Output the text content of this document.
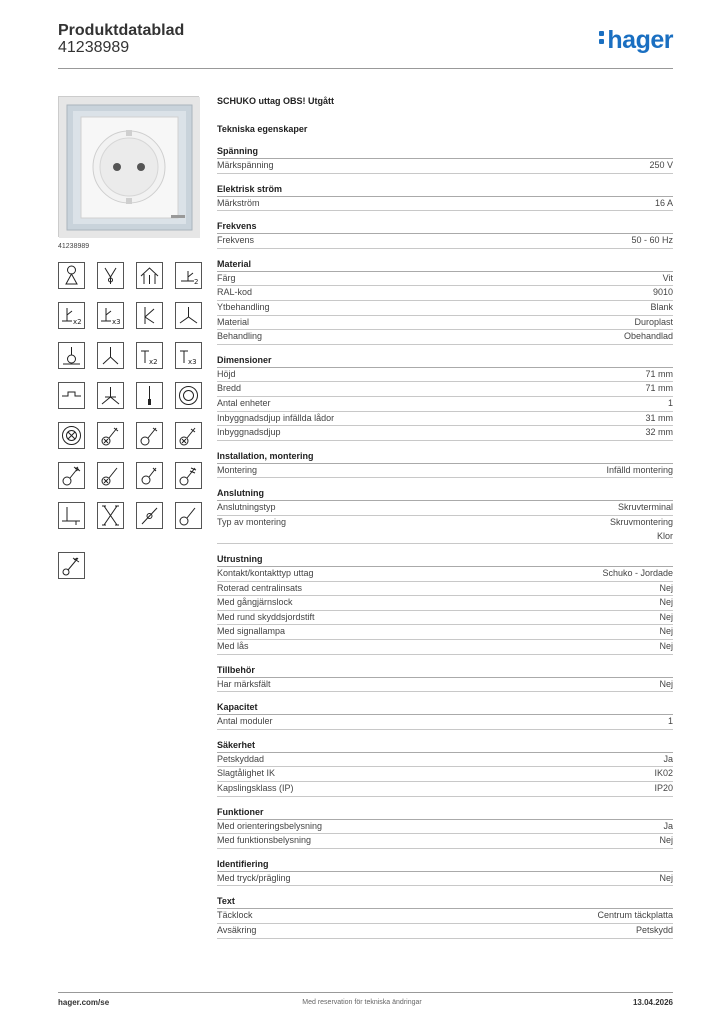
Produktdatablad
41238989	hager
41238989
2
x2	x3
x2	x3
SCHUKO uttag OBS! Utgått
Tekniska egenskaper
Spänning
Märkspänning	250 V
Elektrisk ström
Märkström	16 A
Frekvens
Frekvens	50 - 60 Hz
Material
Färg	Vit
RAL-kod	9010
Ytbehandling	Blank
Material	Duroplast
Behandling	Obehandlad
Dimensioner
Höjd	71 mm
Bredd	71 mm
Antal enheter	1
Inbyggnadsdjup infällda lådor	31 mm
Inbyggnadsdjup	32 mm
Installation, montering
Montering	Infälld montering
Anslutning
Anslutningstyp	Skruvterminal
Typ av montering	Skruvmontering
Klor
Utrustning
Kontakt/kontakttyp uttag	Schuko - Jordade
Roterad centralinsats	Nej
Med gångjärnslock	Nej
Med rund skyddsjordstift	Nej
Med signallampa	Nej
Med lås	Nej
Tillbehör
Har märksfält	Nej
Kapacitet
Antal moduler	1
Säkerhet
Petskyddad	Ja
Slagtålighet IK	IK02
Kapslingsklass (IP)	IP20
Funktioner
Med orienteringsbelysning	Ja
Med funktionsbelysning	Nej
Identifiering
Med tryck/prägling	Nej
Text
Täcklock	Centrum täckplatta
Avsäkring	Petskydd
hager.com/se	Med reservation för tekniska ändringar	13.04.2026
